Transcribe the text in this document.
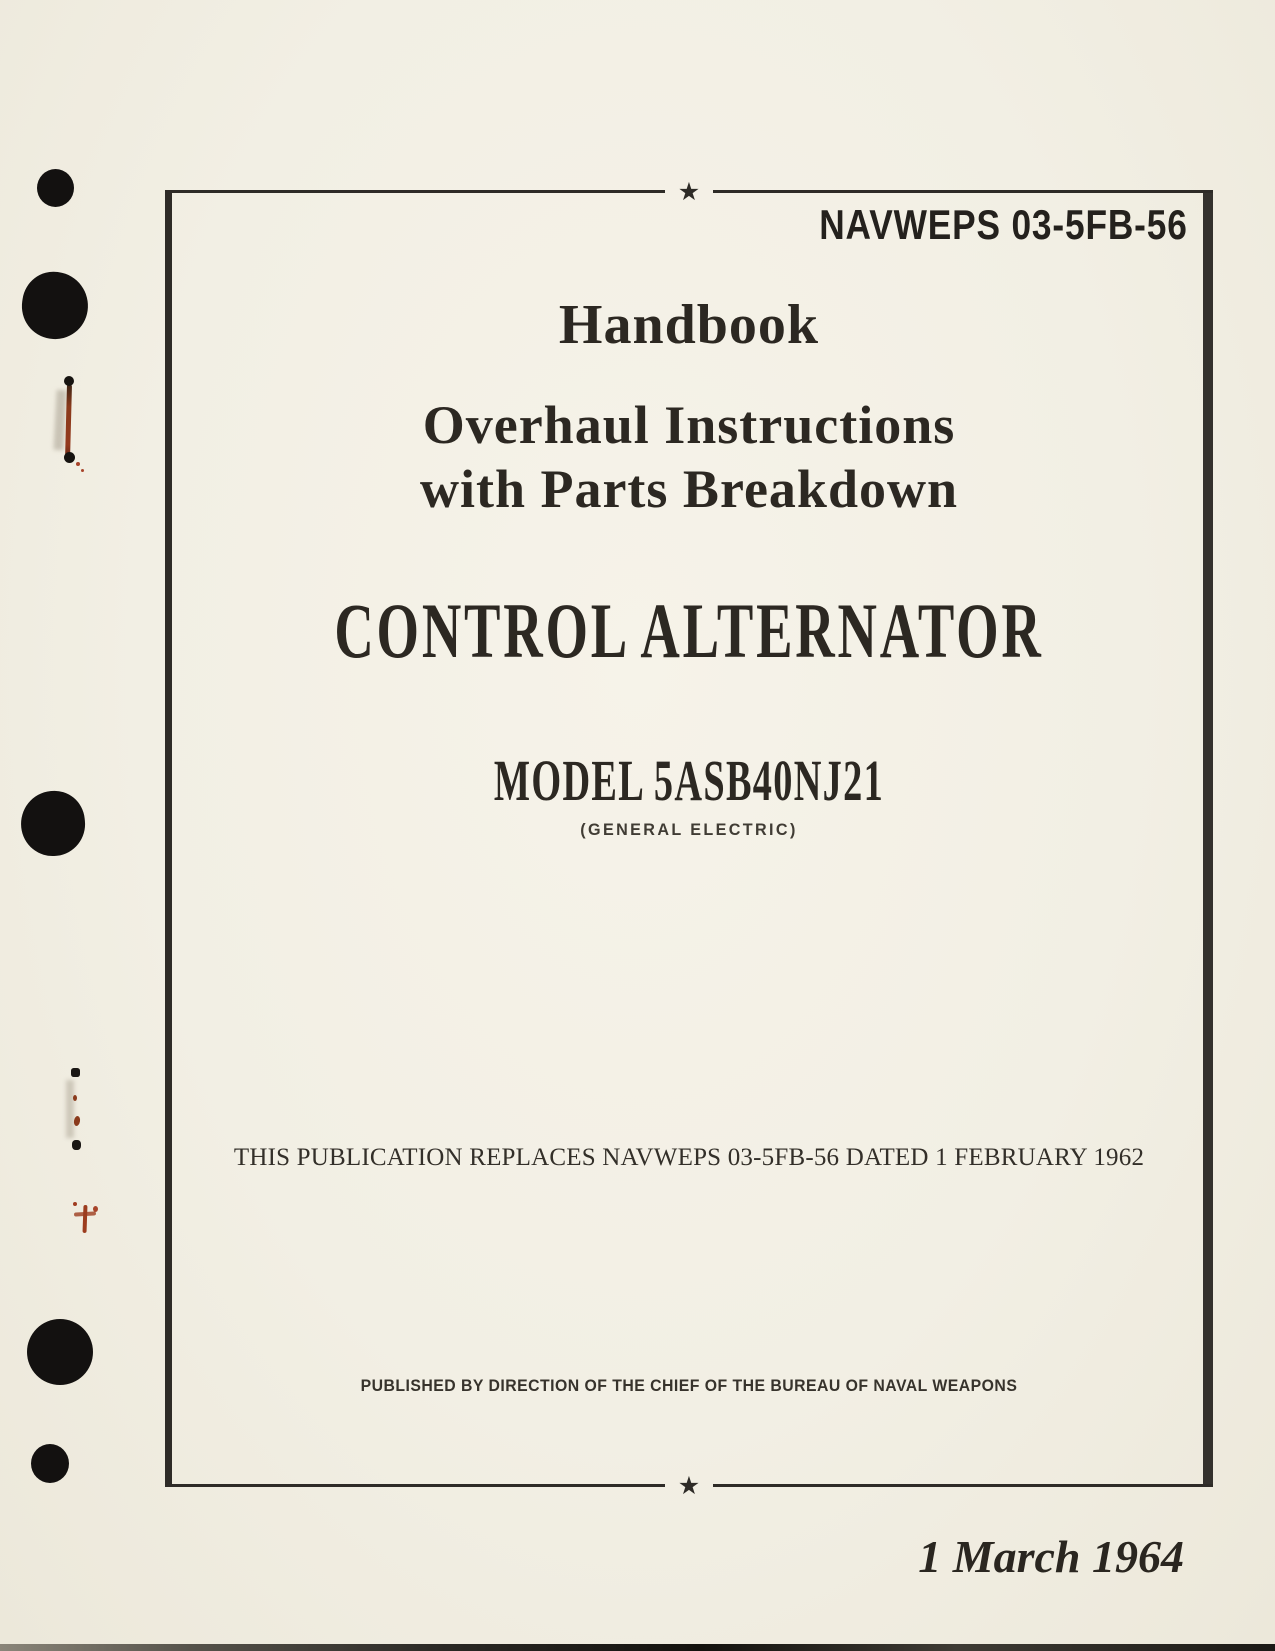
★
★
NAVWEPS 03-5FB-56
Handbook
Overhaul Instructions
with Parts Breakdown
CONTROL ALTERNATOR
MODEL 5ASB40NJ21
(GENERAL ELECTRIC)
THIS PUBLICATION REPLACES NAVWEPS 03-5FB-56 DATED 1 FEBRUARY 1962
PUBLISHED BY DIRECTION OF THE CHIEF OF THE BUREAU OF NAVAL WEAPONS
1 March 1964
